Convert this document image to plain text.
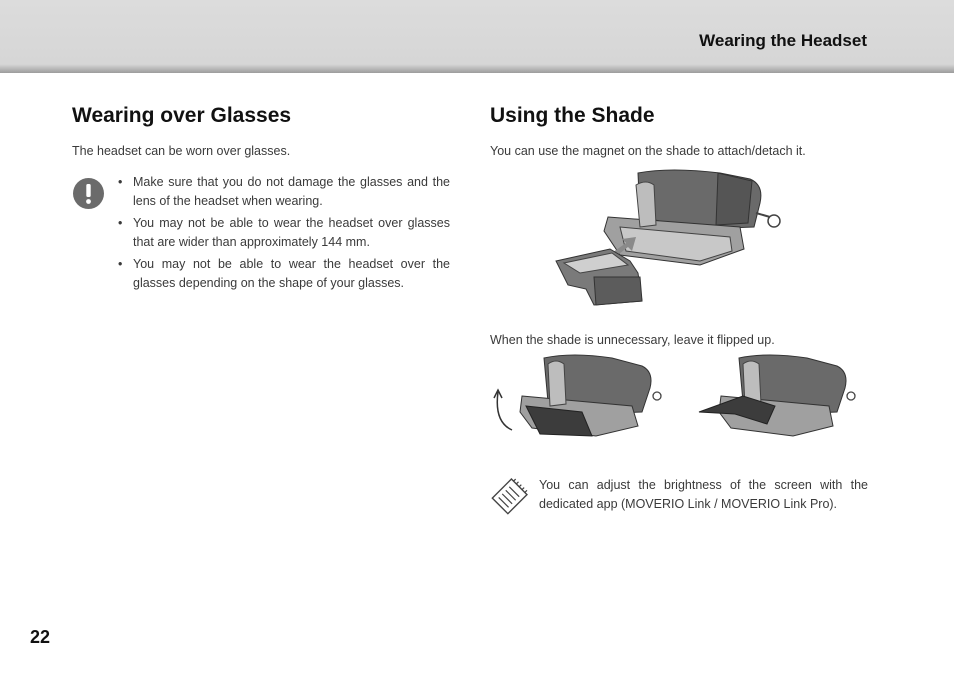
Wearing the Headset
Wearing over Glasses

The headset can be worn over glasses.

• Make sure that you do not damage the glasses and the lens of the headset when wearing.
• You may not be able to wear the headset over glasses that are wider than approximately 144 mm.
• You may not be able to wear the headset over the glasses depending on the shape of your glasses.
Using the Shade

You can use the magnet on the shade to attach/detach it.

When the shade is unnecessary, leave it flipped up.

You can adjust the brightness of the screen with the dedicated app (MOVERIO Link / MOVERIO Link Pro).

22
